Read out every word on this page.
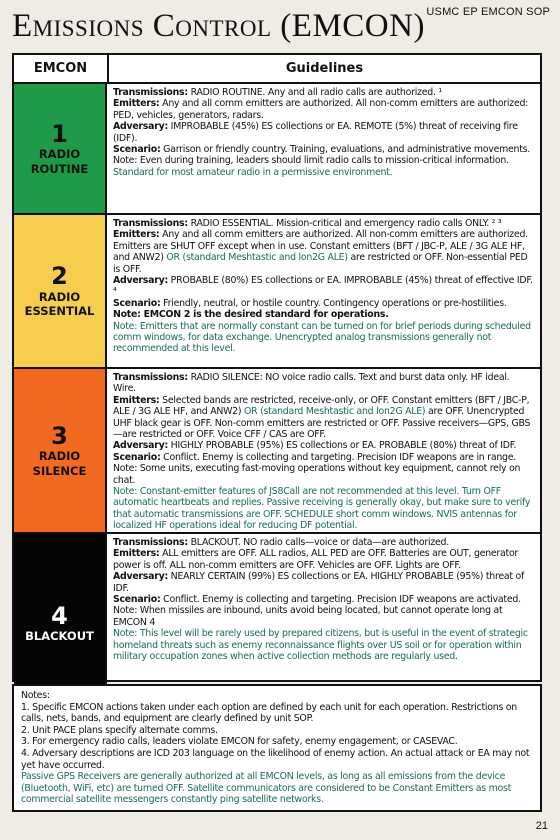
USMC EP EMCON SOP
Emissions Control (EMCON)
EMCON	Guidelines
1
RADIO
ROUTINE

Transmissions: RADIO ROUTINE. Any and all radio calls are authorized. ¹

Emitters: Any and all comm emitters are authorized. All non-comm emitters are authorized: PED, vehicles, generators, radars.

Adversary: IMPROBABLE (45%) ES collections or EA. REMOTE (5%) threat of receiving fire (IDF).

Scenario: Garrison or friendly country. Training, evaluations, and administrative movements.

Note: Even during training, leaders should limit radio calls to mission-critical information.

Standard for most amateur radio in a permissive environment.

2
RADIO
ESSENTIAL

Transmissions: RADIO ESSENTIAL. Mission-critical and emergency radio calls ONLY. ² ³

Emitters: Any and all comm emitters are authorized. All non-comm emitters are authorized. Emitters are SHUT OFF except when in use. Constant emitters (BFT / JBC-P, ALE / 3G ALE HF, and ANW2) OR (standard Meshtastic and lon2G ALE) are restricted or OFF. Non-essential PED is OFF.

Adversary: PROBABLE (80%) ES collections or EA. IMPROBABLE (45%) threat of effective IDF. ⁴

Scenario: Friendly, neutral, or hostile country. Contingency operations or pre-hostilities.

Note: EMCON 2 is the desired standard for operations.

Note: Emitters that are normally constant can be turned on for brief periods during scheduled comm windows, for data exchange. Unencrypted analog transmissions generally not recommended at this level.

3
RADIO
SILENCE

Transmissions: RADIO SILENCE: NO voice radio calls. Text and burst data only. HF ideal. Wire.

Emitters: Selected bands are restricted, receive-only, or OFF. Constant emitters (BFT / JBC-P, ALE / 3G ALE HF, and ANW2) OR (standard Meshtastic and lon2G ALE) are OFF. Unencrypted UHF black gear is OFF. Non-comm emitters are restricted or OFF. Passive receivers—GPS, GBS—are restricted or OFF. Voice CFF / CAS are OFF.

Adversary: HIGHLY PROBABLE (95%) ES collections or EA. PROBABLE (80%) threat of IDF.

Scenario: Conflict. Enemy is collecting and targeting. Precision IDF weapons are in range.

Note: Some units, executing fast-moving operations without key equipment, cannot rely on chat.

Note: Constant-emitter features of JS8Call are not recommended at this level. Turn OFF automatic heartbeats and replies. Passive receiving is generally okay, but make sure to verify that automatic transmissions are OFF. SCHEDULE short comm windows. NVIS antennas for localized HF operations ideal for reducing DF potential.

4
BLACKOUT

Transmissions: BLACKOUT. NO radio calls—voice or data—are authorized.

Emitters: ALL emitters are OFF. ALL radios, ALL PED are OFF. Batteries are OUT, generator power is off. ALL non-comm emitters are OFF. Vehicles are OFF. Lights are OFF.

Adversary: NEARLY CERTAIN (99%) ES collections or EA. HIGHLY PROBABLE (95%) threat of IDF.

Scenario: Conflict. Enemy is collecting and targeting. Precision IDF weapons are activated.

Note: When missiles are inbound, units avoid being located, but cannot operate long at EMCON 4

Note: This level will be rarely used by prepared citizens, but is useful in the event of strategic homeland threats such as enemy reconnaissance flights over US soil or for operation within military occupation zones when active collection methods are regularly used.

Notes:

1. Specific EMCON actions taken under each option are defined by each unit for each operation. Restrictions on calls, nets, bands, and equipment are clearly defined by unit SOP.

2. Unit PACE plans specify alternate comms.

3. For emergency radio calls, leaders violate EMCON for safety, enemy engagement, or CASEVAC.

4. Adversary descriptions are ICD 203 language on the likelihood of enemy action. An actual attack or EA may not yet have occurred.

Passive GPS Receivers are generally authorized at all EMCON levels, as long as all emissions from the device (Bluetooth, WiFi, etc) are turned OFF. Satellite communicators are considered to be Constant Emitters as most commercial satellite messengers constantly ping satellite networks.

21
